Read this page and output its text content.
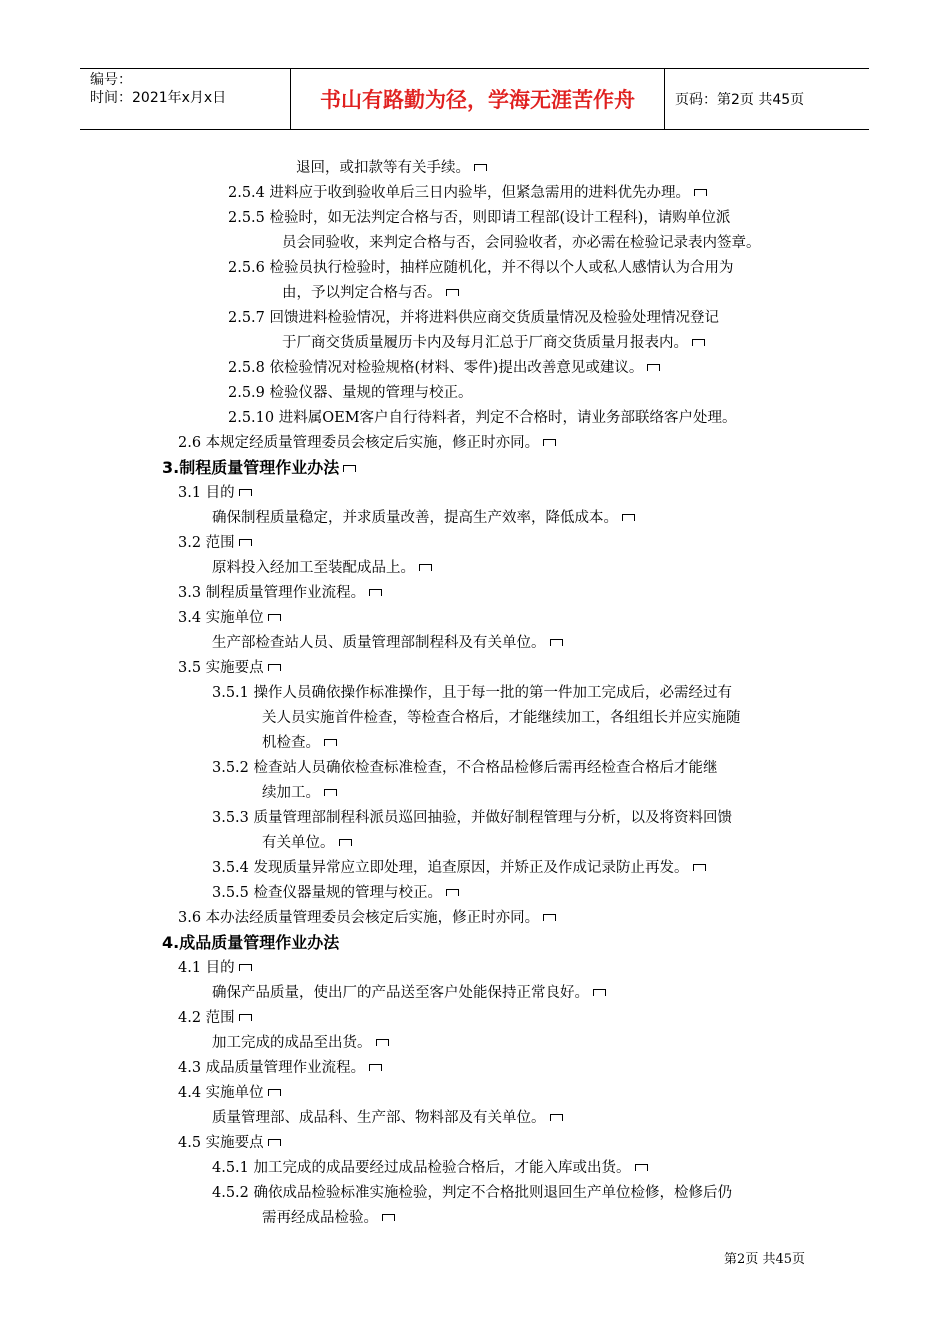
编号：
时间：2021年x月x日	书山有路勤为径，学海无涯苦作舟	页码：第2页 共45页
退回，或扣款等有关手续。
2.5.4 进料应于收到验收单后三日内验毕，但紧急需用的进料优先办理。
2.5.5 检验时，如无法判定合格与否，则即请工程部(设计工程科)，请购单位派
员会同验收，来判定合格与否，会同验收者，亦必需在检验记录表内签章。
2.5.6 检验员执行检验时，抽样应随机化，并不得以个人或私人感情认为合用为
由，予以判定合格与否。
2.5.7 回馈进料检验情况，并将进料供应商交货质量情况及检验处理情况登记
于厂商交货质量履历卡内及每月汇总于厂商交货质量月报表内。
2.5.8 依检验情况对检验规格(材料、零件)提出改善意见或建议。
2.5.9 检验仪器、量规的管理与校正。
2.5.10 进料属OEM客户自行待料者，判定不合格时，请业务部联络客户处理。
2.6 本规定经质量管理委员会核定后实施，修正时亦同。
3.制程质量管理作业办法
3.1 目的
确保制程质量稳定，并求质量改善，提高生产效率，降低成本。
3.2 范围
原料投入经加工至装配成品上。
3.3 制程质量管理作业流程。
3.4 实施单位
生产部检查站人员、质量管理部制程科及有关单位。
3.5 实施要点
3.5.1 操作人员确依操作标准操作，且于每一批的第一件加工完成后，必需经过有
关人员实施首件检查，等检查合格后，才能继续加工，各组组长并应实施随
机检查。
3.5.2 检查站人员确依检查标准检查，不合格品检修后需再经检查合格后才能继
续加工。
3.5.3 质量管理部制程科派员巡回抽验，并做好制程管理与分析，以及将资料回馈
有关单位。
3.5.4 发现质量异常应立即处理，追查原因，并矫正及作成记录防止再发。
3.5.5 检查仪器量规的管理与校正。
3.6 本办法经质量管理委员会核定后实施，修正时亦同。
4.成品质量管理作业办法
4.1 目的
确保产品质量，使出厂的产品送至客户处能保持正常良好。
4.2 范围
加工完成的成品至出货。
4.3 成品质量管理作业流程。
4.4 实施单位
质量管理部、成品科、生产部、物料部及有关单位。
4.5 实施要点
4.5.1 加工完成的成品要经过成品检验合格后，才能入库或出货。
4.5.2 确依成品检验标准实施检验，判定不合格批则退回生产单位检修，检修后仍
需再经成品检验。
第2页 共45页
